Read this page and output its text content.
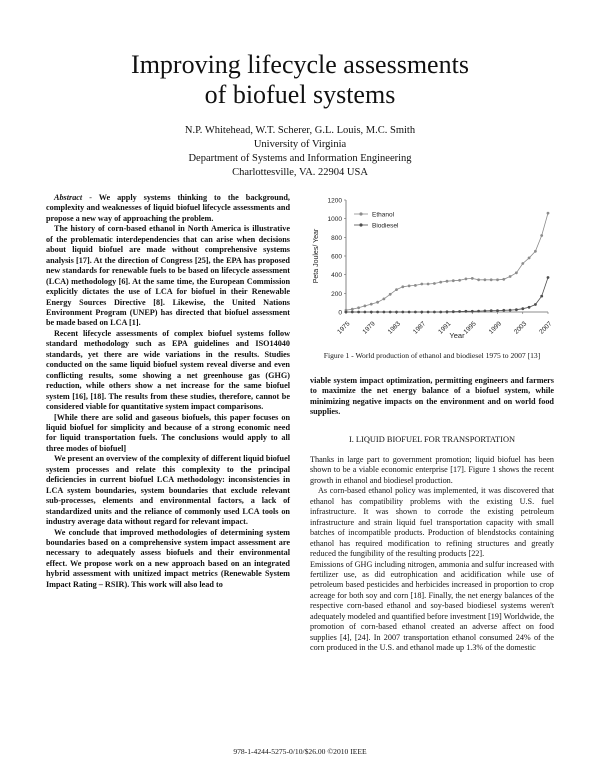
Improving lifecycle assessments
of biofuel systems
N.P. Whitehead, W.T. Scherer, G.L. Louis, M.C. Smith
University of Virginia
Department of Systems and Information Engineering
Charlottesville, VA. 22904 USA

Abstract - We apply systems thinking to the background, complexity and weaknesses of liquid biofuel lifecycle assessments and propose a new way of approaching the problem.

The history of corn-based ethanol in North America is illustrative of the problematic interdependencies that can arise when decisions about liquid biofuel are made without comprehensive systems analysis [17]. At the direction of Congress [25], the EPA has proposed new standards for renewable fuels to be based on lifecycle assessment (LCA) methodology [6]. At the same time, the European Commission explicitly dictates the use of LCA for biofuel in their Renewable Energy Sources Directive [8]. Likewise, the United Nations Environment Program (UNEP) has directed that biofuel assessment be made based on LCA [1].

Recent lifecycle assessments of complex biofuel systems follow standard methodology such as EPA guidelines and ISO14040 standards, yet there are wide variations in the results. Studies conducted on the same liquid biofuel system reveal diverse and even conflicting results, some showing a net greenhouse gas (GHG) reduction, while others show a net increase for the same biofuel system [16], [18]. The results from these studies, therefore, cannot be considered viable for quantitative system impact comparisons.

[While there are solid and gaseous biofuels, this paper focuses on liquid biofuel for simplicity and because of a strong economic need for liquid transportation fuels. The conclusions would apply to all three modes of biofuel]

We present an overview of the complexity of different liquid biofuel system processes and relate this complexity to the principal deficiencies in current biofuel LCA methodology: inconsistencies in LCA system boundaries, system boundaries that exclude relevant sub-processes, elements and environmental factors, a lack of standardized units and the reliance of commonly used LCA tools on industry average data without regard for relevant impact.

We conclude that improved methodologies of determining system boundaries based on a comprehensive system impact assessment are necessary to adequately assess biofuels and their environmental effect. We propose work on a new approach based on an integrated hybrid assessment with unitized impact metrics (Renewable System Impact Rating – RSIR). This work will also lead to

0
200
400
600
800
1000
1200
1975 1979 1983 1987 1991 1995 1999 2003 2007
Peta Joules/ Year
Year
Ethanol
Biodiesel
Figure 1 - World production of ethanol and biodiesel 1975 to 2007 [13]
viable system impact optimization, permitting engineers and farmers to maximize the net energy balance of a biofuel system, while minimizing negative impacts on the environment and on world food supplies.
I. LIQUID BIOFUEL FOR TRANSPORTATION

Thanks in large part to government promotion; liquid biofuel has been shown to be a viable economic enterprise [17]. Figure 1 shows the recent growth in ethanol and biodiesel production.

As corn-based ethanol policy was implemented, it was discovered that ethanol has compatibility problems with the existing U.S. fuel infrastructure. It was shown to corrode the existing petroleum infrastructure and strain liquid fuel transportation capacity with small batches of incompatible products. Production of blendstocks containing ethanol has required modification to refining structures and greatly reduced the fungibility of the resulting products [22].

Emissions of GHG including nitrogen, ammonia and sulfur increased with fertilizer use, as did eutrophication and acidification while use of petroleum based pesticides and herbicides increased in proportion to crop acreage for both soy and corn [18]. Finally, the net energy balances of the respective corn-based ethanol and soy-based biodiesel systems weren't adequately modeled and quantified before investment [19] Worldwide, the promotion of corn-based ethanol created an adverse affect on food supplies [4], [24]. In 2007 transportation ethanol consumed 24% of the corn produced in the U.S. and ethanol made up 1.3% of the domestic

978-1-4244-5275-0/10/$26.00 ©2010 IEEE
